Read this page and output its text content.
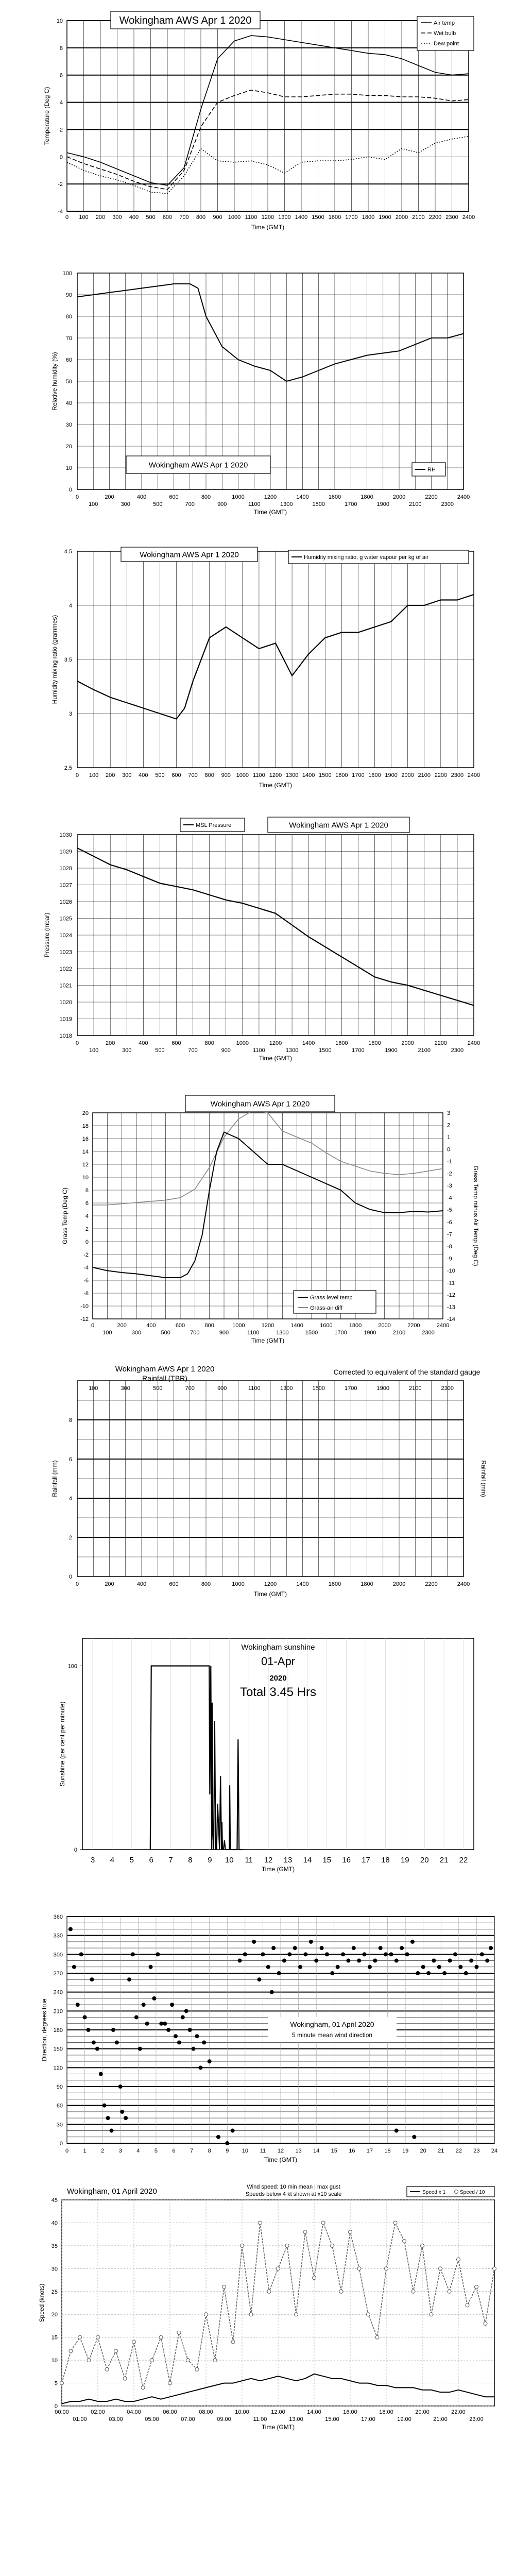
-4
-2
0
2
4
6
8
10
0 100 200 300 400 500 600 700 800 900 1000 1100 1200 1300 1400 1500 1600 1700 1800 1900 2000 2100 2200 2300 2400
Time (GMT)
Temperature (Deg C)
Wokingham AWS Apr 1 2020	Air temp
Wet bulb
Dew point
0
10
20
30
40
50
60
70
80
90
100
0	200	400	600	800	1000	1200	1400	1600	1800	2000	2200	2400
100	300	500	700	900	1100	1300	1500	1700	1900	2100	2300
Time (GMT)
Relative humidity (%)
Wokingham AWS Apr 1 2020
RH
2.5
3
3.5
4
4.5
0 100 200 300 400 500 600 700 800 900 1000 1100 1200 1300 1400 1500 1600 1700 1800 1900 2000 2100 2200 2300 2400
Time (GMT)
Humidity mixing ratio (grammes)
Wokingham AWS Apr 1 2020	Humidity mixing ratio, g water vapour per kg of air
1018
1019
1020
1021
1022
1023
1024
1025
1026
1027
1028
1029
1030
0	200	400	600	800	1000	1200	1400	1600	1800	2000	2200	2400
100	300	500	700	900	1100	1300	1500	1700	1900	2100	2300
Time (GMT)
Pressure (mbar)
MSL Pressure	Wokingham AWS Apr 1 2020
-12
-10
-8
-6
-4
-2
0
2
4
6
8
10
12
14
16
18
20
-14
-13
-12
-11
-10
-9
-8
-7
-6
-5
-4
-3
-2
-1
0
1
2
3
0	200	400	600	800	1000	1200	1400	1600	1800	2000	2200	2400
100	300	500	700	900	1100	1300	1500	1700	1900	2100	2300
Time (GMT)
Grass Temp (Deg C)	Grass Temp minus Air Temp (Deg C)
Wokingham AWS Apr 1 2020
Grass level temp
Grass-air diff
0
2
4
6
8
100	300	500	700	900	1100	1300	1500	1700	1900	2100	2300
0	200	400	600	800	1000	1200	1400	1600	1800	2000	2200	2400
Time (GMT)
Rainfall (mm)	Rainfall (mm)
Wokingham AWS Apr 1 2020
Rainfall (TBR)
Corrected to equivalent of the standard gauge
3 4 5 6 7 8 9 10 11 12 13 14 15 16 17 18 19 20 21 22
Time (GMT)
0
100
Sunshine (per cent per minute)
Wokingham sunshine
01-Apr
2020
Total 3.45 Hrs
0
30
60
90
120
150
180
210
240
270
300
330
360
0	1	2	3	4	5	6	7	8	9 10 11 12 13 14 15 16 17 18 19 20 21 22 23 24
Time (GMT)
Direction, degrees true	Wokingham, 01 April 2020
5 minute mean wind direction
0
5
10
15
20
25
30
35
40
45
00:00	02:00	04:00	06:00	08:00	10:00	12:00	14:00	16:00	18:00	20:00	22:00
01:00	03:00	05:00	07:00	09:00	11:00	13:00	15:00	17:00	19:00	21:00	23:00
Time (GMT)
Speed (knots)
Wokingham, 01 April 2020	Wind speed: 10 min mean | max gust
Speeds below 4 kt shown at x10 scale	Speed x 1	Speed / 10
